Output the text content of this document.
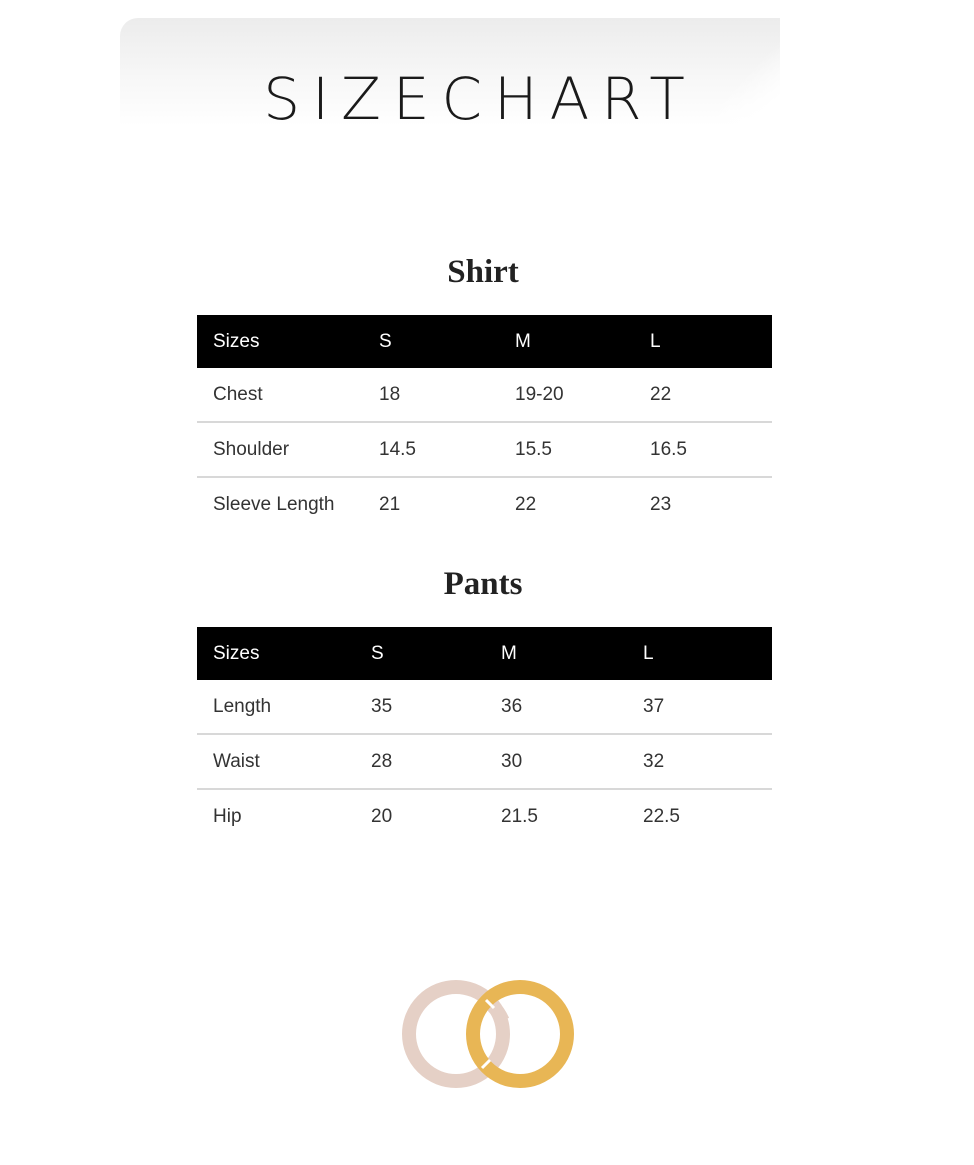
SIZECHART
Shirt
Sizes	S	M	L
Chest	18	19-20	22
Shoulder	14.5	15.5	16.5
Sleeve Length 21	22	23
Pants
Sizes	S	M	L
Length	35	36	37
Waist	28	30	32
Hip	20	21.5	22.5
